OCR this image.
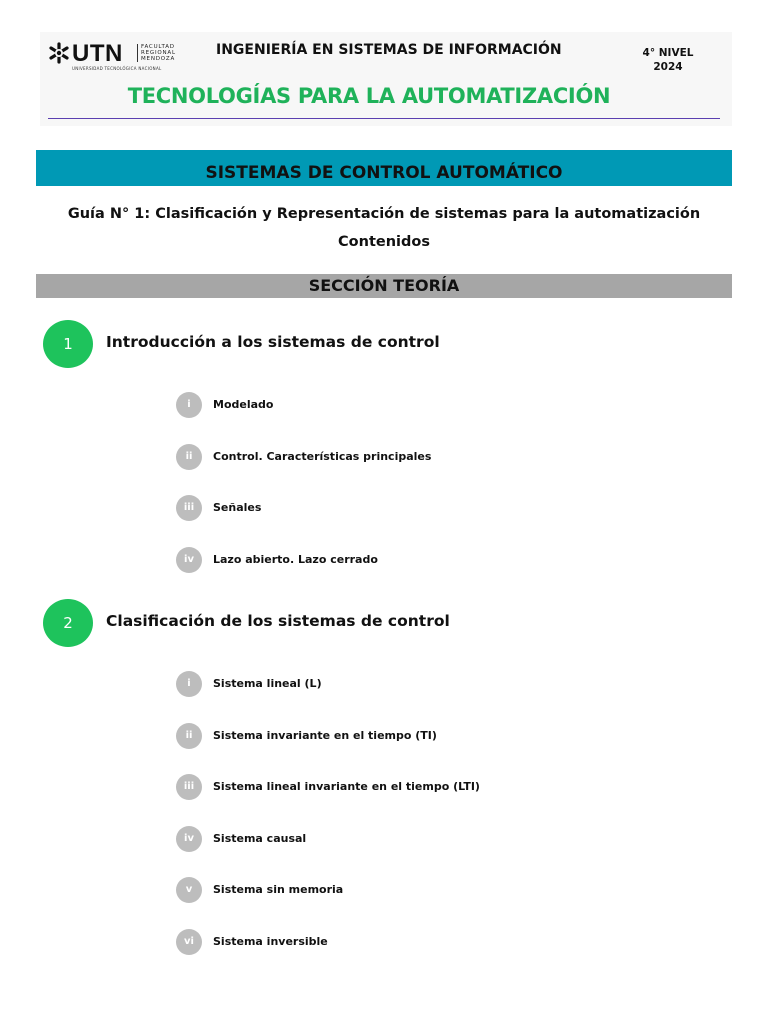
UTN	FACULTAD
REGIONAL
MENDOZA
UNIVERSIDAD TECNOLÓGICA NACIONAL
INGENIERÍA EN SISTEMAS DE INFORMACIÓN	4° NIVEL
2024
TECNOLOGÍAS PARA LA AUTOMATIZACIÓN
SISTEMAS DE CONTROL AUTOMÁTICO
Guía N° 1: Clasificación y Representación de sistemas para la automatización
Contenidos
SECCIÓN TEORÍA
1	Introducción a los sistemas de control
i	Modelado
ii	Control. Características principales
iii	Señales
iv	Lazo abierto. Lazo cerrado
2	Clasificación de los sistemas de control
i	Sistema lineal (L)
ii	Sistema invariante en el tiempo (TI)
iii	Sistema lineal invariante en el tiempo (LTI)
iv	Sistema causal
v	Sistema sin memoria
vi	Sistema inversible
